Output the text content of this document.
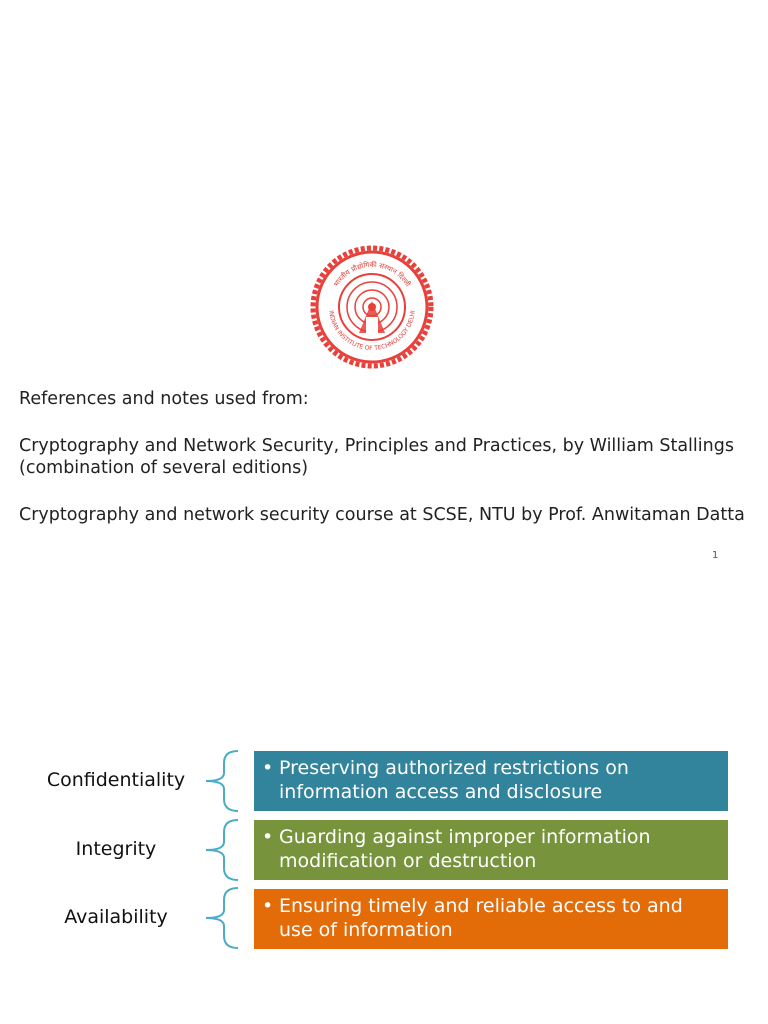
भारतीय प्रौद्योगिकी संस्थान दिल्ली
INDIAN INSTITUTE OF TECHNOLOGY DELHI

References and notes used from:

Cryptography and Network Security, Principles and Practices, by William Stallings

(combination of several editions)

Cryptography and network security course at SCSE, NTU by Prof. Anwitaman Datta

1
Confidentiality
• Preserving authorized restrictions on information access and disclosure
Integrity
• Guarding against improper information modification or destruction
Availability	• Ensuring timely and reliable access to and use of information
